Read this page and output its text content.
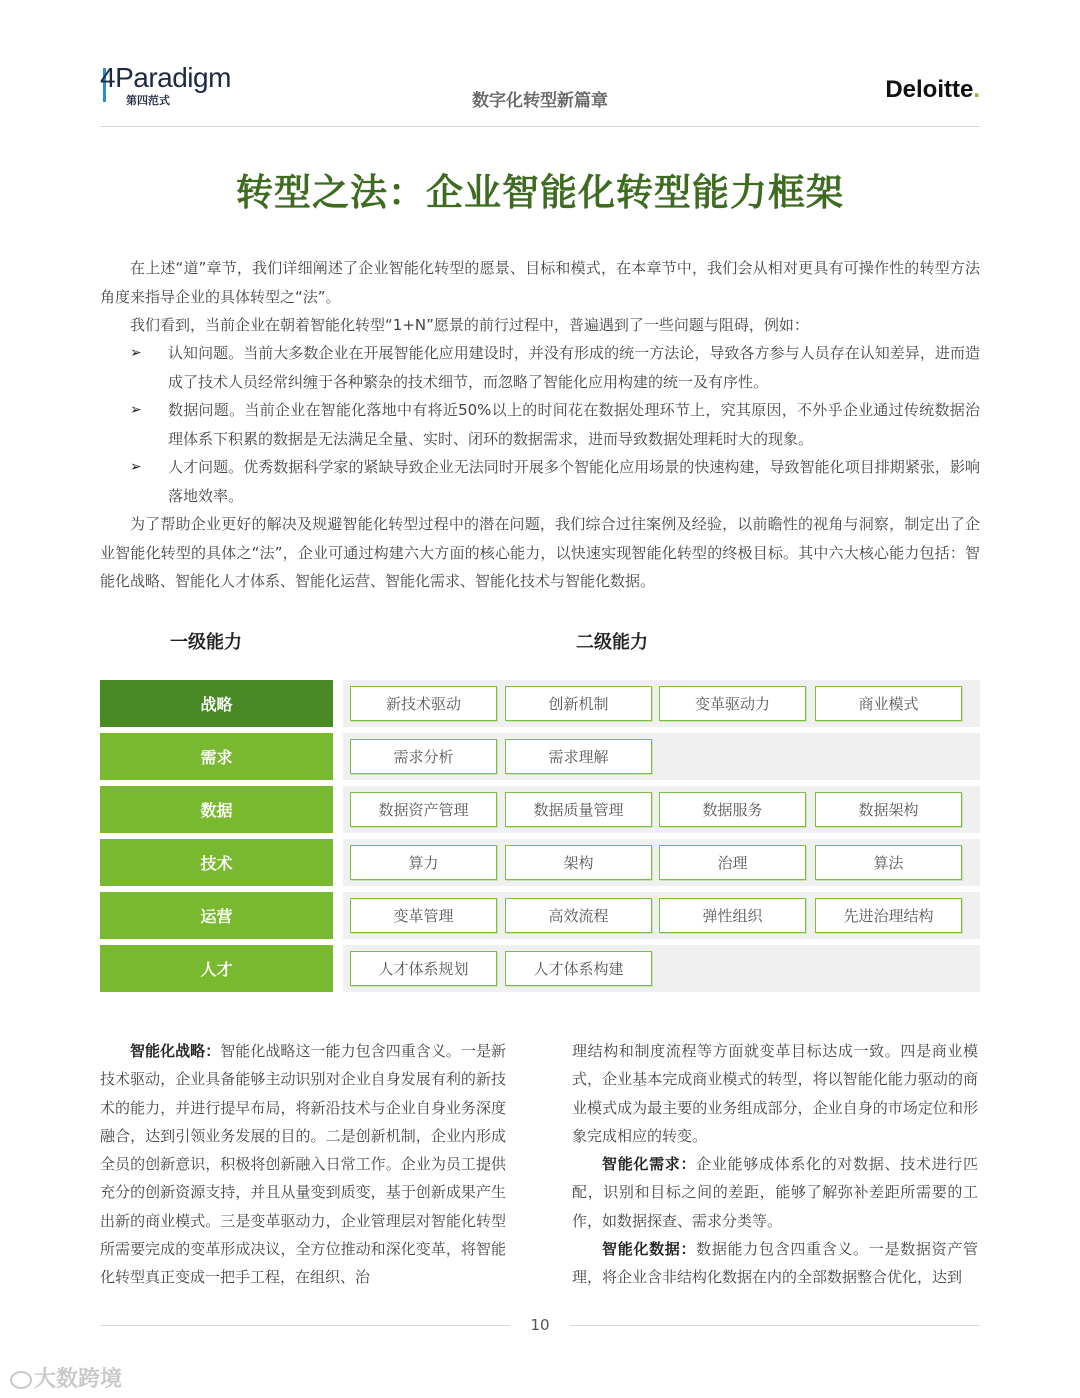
4Paradigm
第四范式	数字化转型新篇章	Deloitte.
转型之法：企业智能化转型能力框架

在上述“道”章节，我们详细阐述了企业智能化转型的愿景、目标和模式，在本章节中，我们会从相对更具有可操作性的转型方法角度来指导企业的具体转型之“法”。

我们看到，当前企业在朝着智能化转型“1+N”愿景的前行过程中，普遍遇到了一些问题与阻碍，例如：

➢ 认知问题。当前大多数企业在开展智能化应用建设时，并没有形成的统一方法论，导致各方参与人员存在认知差异，进而造成了技术人员经常纠缠于各种繁杂的技术细节，而忽略了智能化应用构建的统一及有序性。
➢ 数据问题。当前企业在智能化落地中有将近50%以上的时间花在数据处理环节上，究其原因，不外乎企业通过传统数据治理体系下积累的数据是无法满足全量、实时、闭环的数据需求，进而导致数据处理耗时大的现象。
➢ 人才问题。优秀数据科学家的紧缺导致企业无法同时开展多个智能化应用场景的快速构建，导致智能化项目排期紧张，影响落地效率。

为了帮助企业更好的解决及规避智能化转型过程中的潜在问题，我们综合过往案例及经验，以前瞻性的视角与洞察，制定出了企业智能化转型的具体之“法”，企业可通过构建六大方面的核心能力，以快速实现智能化转型的终极目标。其中六大核心能力包括：智能化战略、智能化人才体系、智能化运营、智能化需求、智能化技术与智能化数据。

一级能力	二级能力
战略	新技术驱动	创新机制	变革驱动力	商业模式
需求	需求分析	需求理解
数据	数据资产管理	数据质量管理	数据服务	数据架构
技术	算力	架构	治理	算法
运营	变革管理	高效流程	弹性组织	先进治理结构
人才	人才体系规划	人才体系构建

智能化战略：智能化战略这一能力包含四重含义。一是新技术驱动，企业具备能够主动识别对企业自身发展有利的新技术的能力，并进行提早布局，将新沿技术与企业自身业务深度融合，达到引领业务发展的目的。二是创新机制，企业内形成全员的创新意识，积极将创新融入日常工作。企业为员工提供充分的创新资源支持，并且从量变到质变，基于创新成果产生出新的商业模式。三是变革驱动力，企业管理层对智能化转型所需要完成的变革形成决议，全方位推动和深化变革，将智能化转型真正变成一把手工程，在组织、治

理结构和制度流程等方面就变革目标达成一致。四是商业模式，企业基本完成商业模式的转型，将以智能化能力驱动的商业模式成为最主要的业务组成部分，企业自身的市场定位和形象完成相应的转变。

智能化需求：企业能够成体系化的对数据、技术进行匹配，识别和目标之间的差距，能够了解弥补差距所需要的工作，如数据探查、需求分类等。

智能化数据：数据能力包含四重含义。一是数据资产管理，将企业含非结构化数据在内的全部数据整合优化，达到

10
大数跨境
